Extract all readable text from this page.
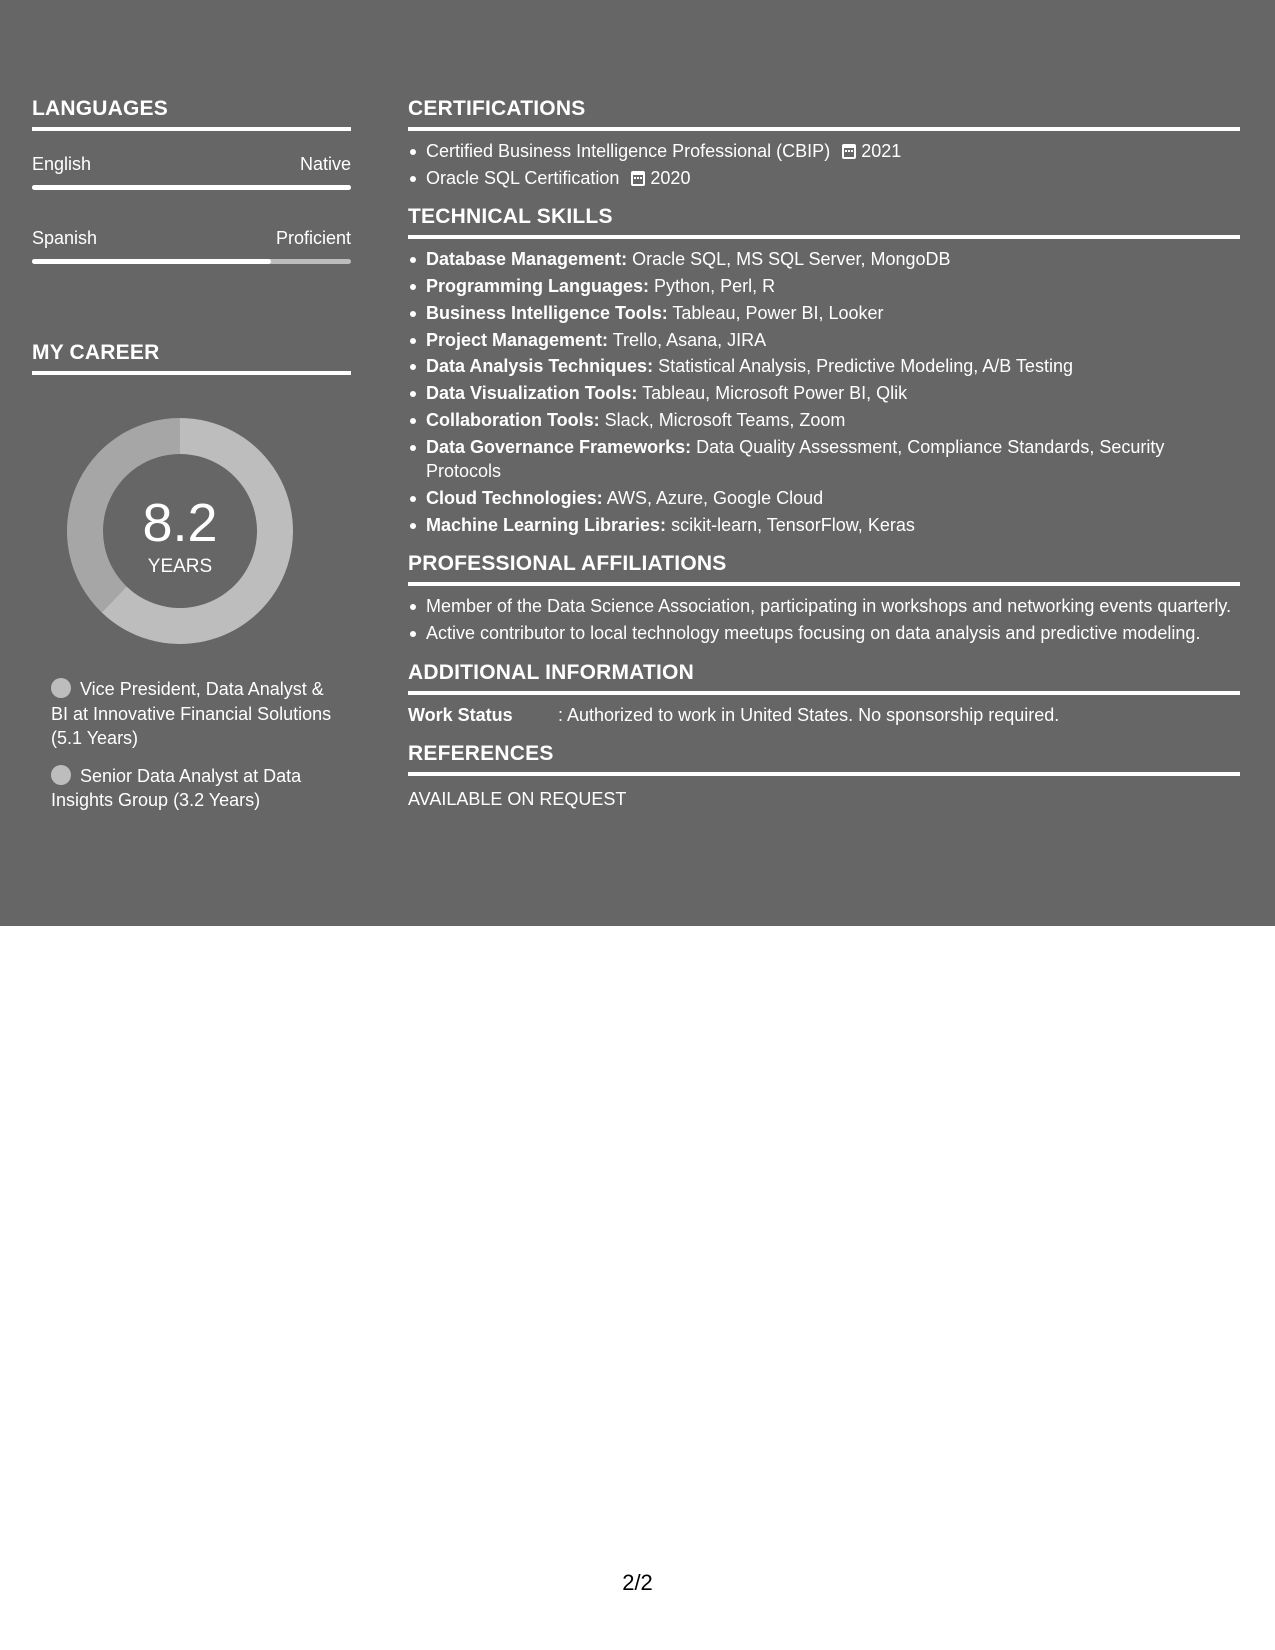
LANGUAGES
English	Native
Spanish	Proficient
MY CAREER
8.2
YEARS
Vice President, Data Analyst & BI at Innovative Financial Solutions (5.1 Years)
Senior Data Analyst at Data Insights Group (3.2 Years)
CERTIFICATIONS
Certified Business Intelligence Professional (CBIP) 2021
Oracle SQL Certification 2020
TECHNICAL SKILLS
Database Management: Oracle SQL, MS SQL Server, MongoDB
Programming Languages: Python, Perl, R
Business Intelligence Tools: Tableau, Power BI, Looker
Project Management: Trello, Asana, JIRA
Data Analysis Techniques: Statistical Analysis, Predictive Modeling, A/B Testing
Data Visualization Tools: Tableau, Microsoft Power BI, Qlik
Collaboration Tools: Slack, Microsoft Teams, Zoom
Data Governance Frameworks: Data Quality Assessment, Compliance Standards, Security Protocols
Cloud Technologies: AWS, Azure, Google Cloud
Machine Learning Libraries: scikit-learn, TensorFlow, Keras
PROFESSIONAL AFFILIATIONS
Member of the Data Science Association, participating in workshops and networking events quarterly.
Active contributor to local technology meetups focusing on data analysis and predictive modeling.
ADDITIONAL INFORMATION
Work Status	: Authorized to work in United States. No sponsorship required.
REFERENCES
AVAILABLE ON REQUEST
2/2
